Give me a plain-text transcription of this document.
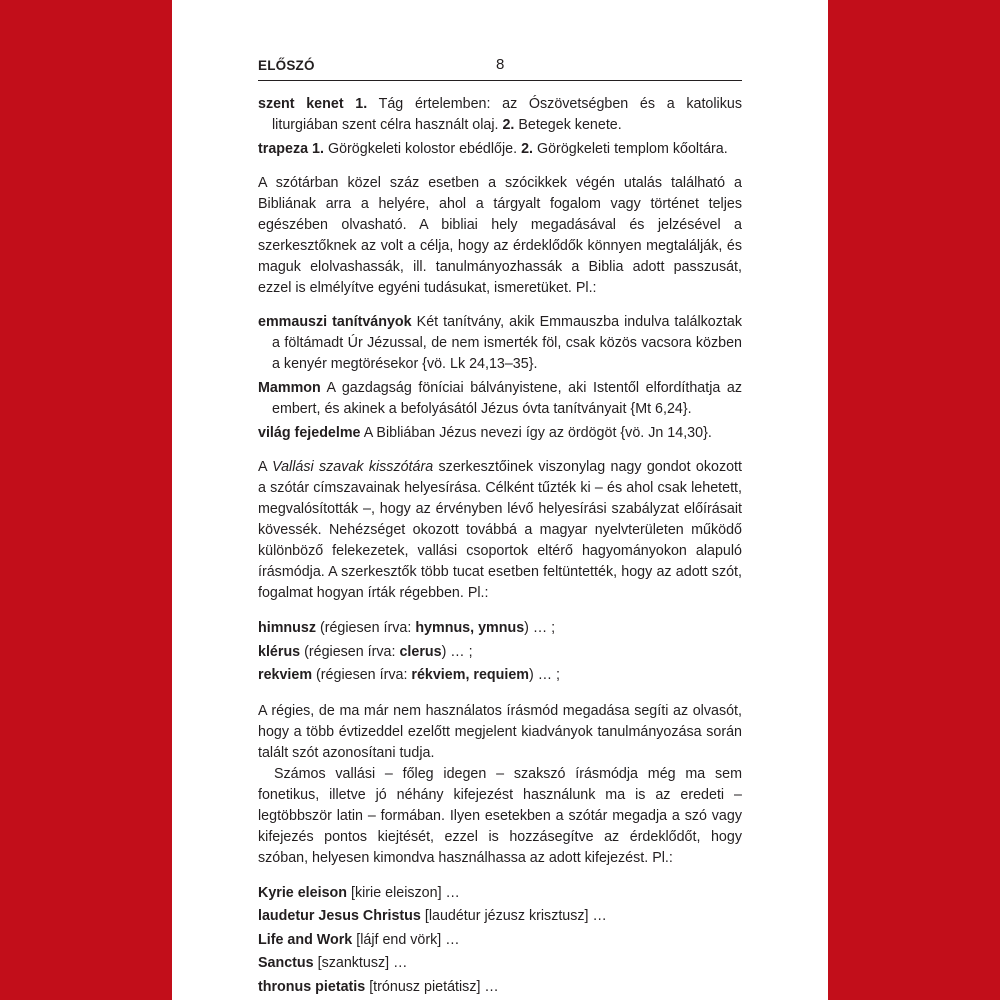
ELŐSZÓ	8

szent kenet 1. Tág értelemben: az Ószövetségben és a katolikus liturgiában szent célra használt olaj. 2. Betegek kenete.

trapeza 1. Görögkeleti kolostor ebédlője. 2. Görögkeleti templom kőoltára.

A szótárban közel száz esetben a szócikkek végén utalás található a Bibliának arra a helyére, ahol a tárgyalt fogalom vagy történet teljes egészében olvasható. A bibliai hely megadásával és jelzésével a szerkesztőknek az volt a célja, hogy az érdeklődők könnyen megtalálják, és maguk elolvashassák, ill. tanulmányozhassák a Biblia adott passzusát, ezzel is elmélyítve egyéni tudásukat, ismeretüket. Pl.:

emmauszi tanítványok Két tanítvány, akik Emmauszba indulva találkoztak a föltámadt Úr Jézussal, de nem ismerték föl, csak közös vacsora közben a kenyér megtörésekor {vö. Lk 24,13–35}.

Mammon A gazdagság föníciai bálványistene, aki Istentől elfordíthatja az embert, és akinek a befolyásától Jézus óvta tanítványait {Mt 6,24}.

világ fejedelme A Bibliában Jézus nevezi így az ördögöt {vö. Jn 14,30}.

A Vallási szavak kisszótára szerkesztőinek viszonylag nagy gondot okozott a szótár címszavainak helyesírása. Célként tűzték ki – és ahol csak lehetett, megvalósították –, hogy az érvényben lévő helyesírási szabályzat előírásait kövessék. Nehézséget okozott továbbá a magyar nyelvterületen működő különböző felekezetek, vallási csoportok eltérő hagyományokon alapuló írásmódja. A szerkesztők több tucat esetben feltüntették, hogy az adott szót, fogalmat hogyan írták régebben. Pl.:

himnusz (régiesen írva: hymnus, ymnus) … ;

klérus (régiesen írva: clerus) … ;

rekviem (régiesen írva: rékviem, requiem) … ;

A régies, de ma már nem használatos írásmód megadása segíti az olvasót, hogy a több évtizeddel ezelőtt megjelent kiadványok tanulmányozása során talált szót azonosítani tudja.

Számos vallási – főleg idegen – szakszó írásmódja még ma sem fonetikus, illetve jó néhány kifejezést használunk ma is az eredeti – legtöbbször latin – formában. Ilyen esetekben a szótár megadja a szó vagy kifejezés pontos kiejtését, ezzel is hozzásegítve az érdeklődőt, hogy szóban, helyesen kimondva használhassa az adott kifejezést. Pl.:

Kyrie eleison [kirie eleiszon] …

laudetur Jesus Christus [laudétur jézusz krisztusz] …

Life and Work [lájf end vörk] …

Sanctus [szanktusz] …

thronus pietatis [trónusz pietátisz] …
